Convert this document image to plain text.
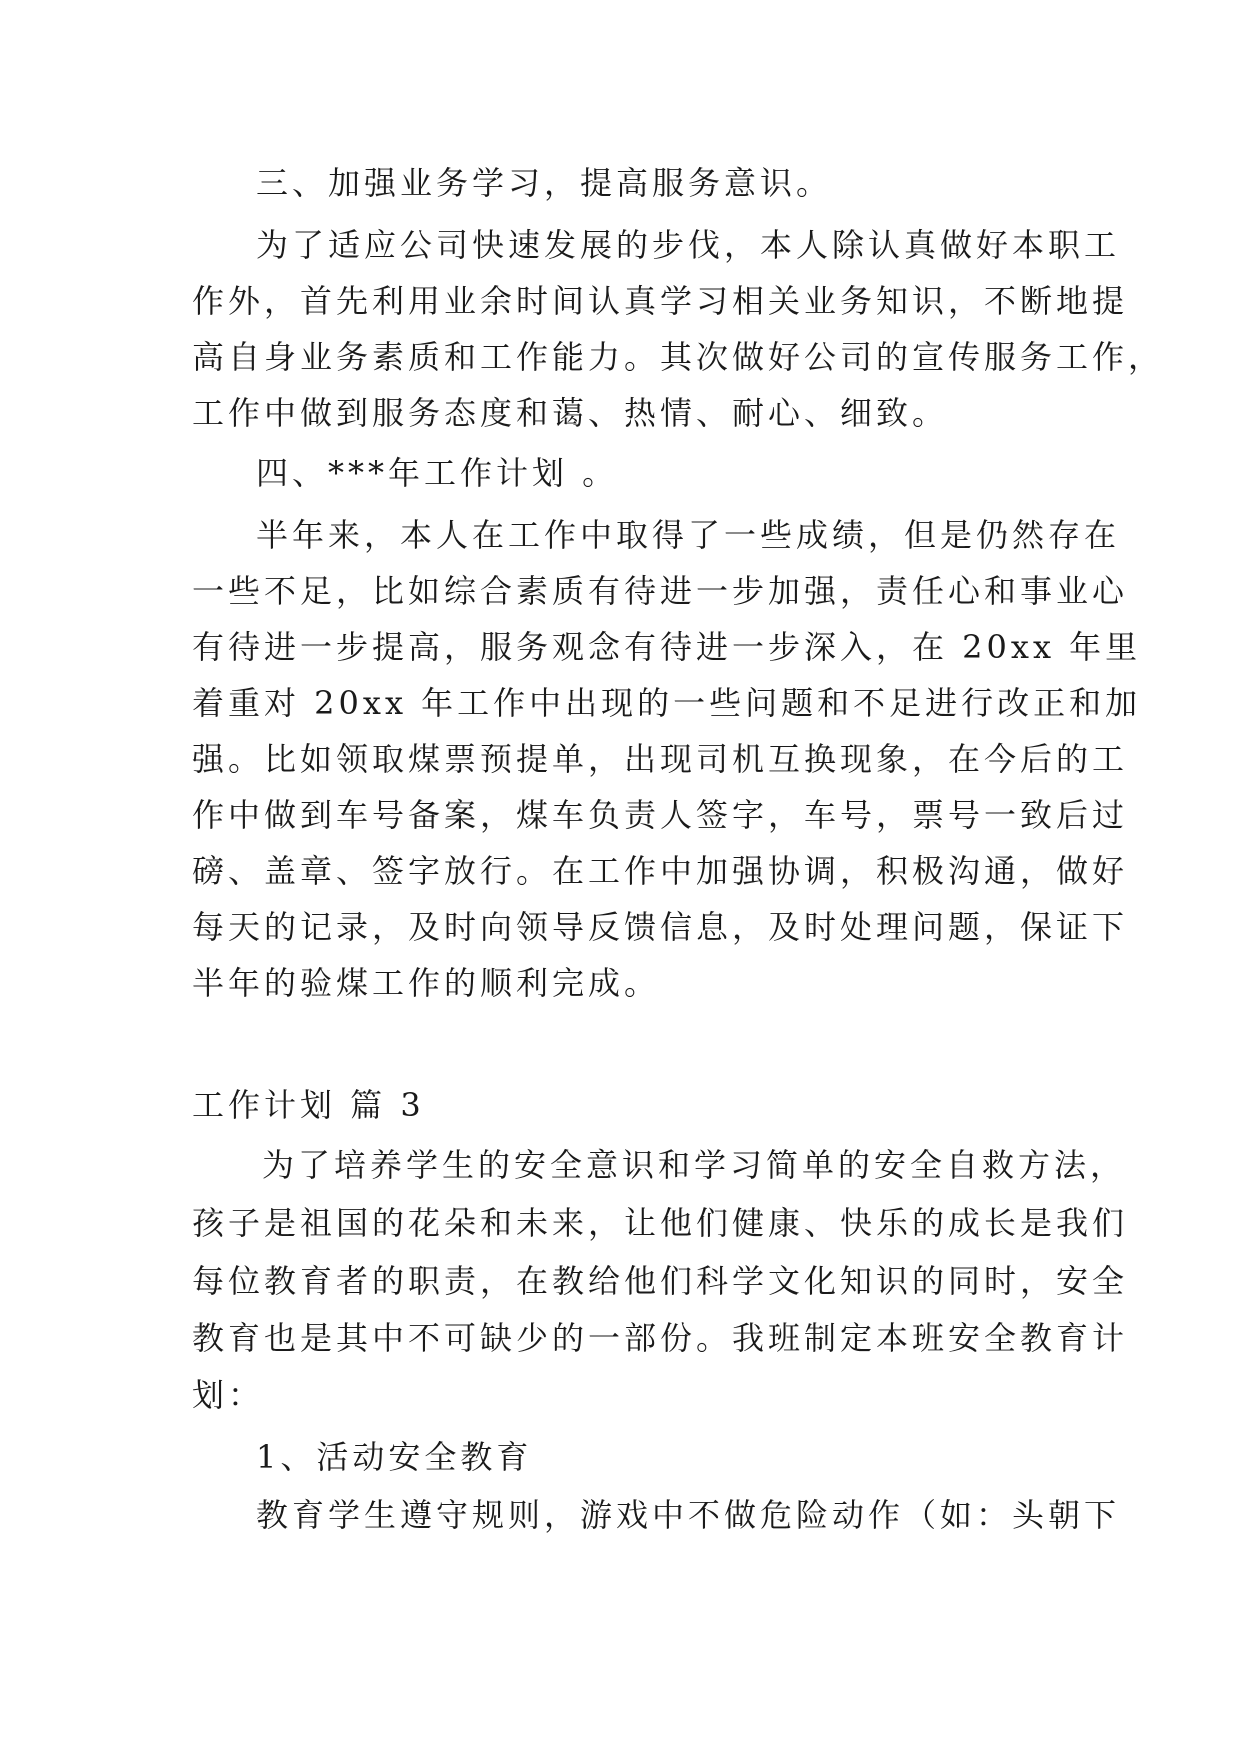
三、加强业务学习，提高服务意识。

为了适应公司快速发展的步伐，本人除认真做好本职工

作外，首先利用业余时间认真学习相关业务知识，不断地提

高自身业务素质和工作能力。其次做好公司的宣传服务工作，

工作中做到服务态度和蔼、热情、耐心、细致。

四、***年工作计划 。

半年来，本人在工作中取得了一些成绩，但是仍然存在

一些不足，比如综合素质有待进一步加强，责任心和事业心

有待进一步提高，服务观念有待进一步深入，在 20xx 年里

着重对 20xx 年工作中出现的一些问题和不足进行改正和加

强。比如领取煤票预提单，出现司机互换现象，在今后的工

作中做到车号备案，煤车负责人签字，车号，票号一致后过

磅、盖章、签字放行。在工作中加强协调，积极沟通，做好

每天的记录，及时向领导反馈信息，及时处理问题，保证下

半年的验煤工作的顺利完成。

工作计划 篇 3

为了培养学生的安全意识和学习简单的安全自救方法，

孩子是祖国的花朵和未来，让他们健康、快乐的成长是我们

每位教育者的职责，在教给他们科学文化知识的同时，安全

教育也是其中不可缺少的一部份。我班制定本班安全教育计

划：

1、活动安全教育

教育学生遵守规则，游戏中不做危险动作（如：头朝下
